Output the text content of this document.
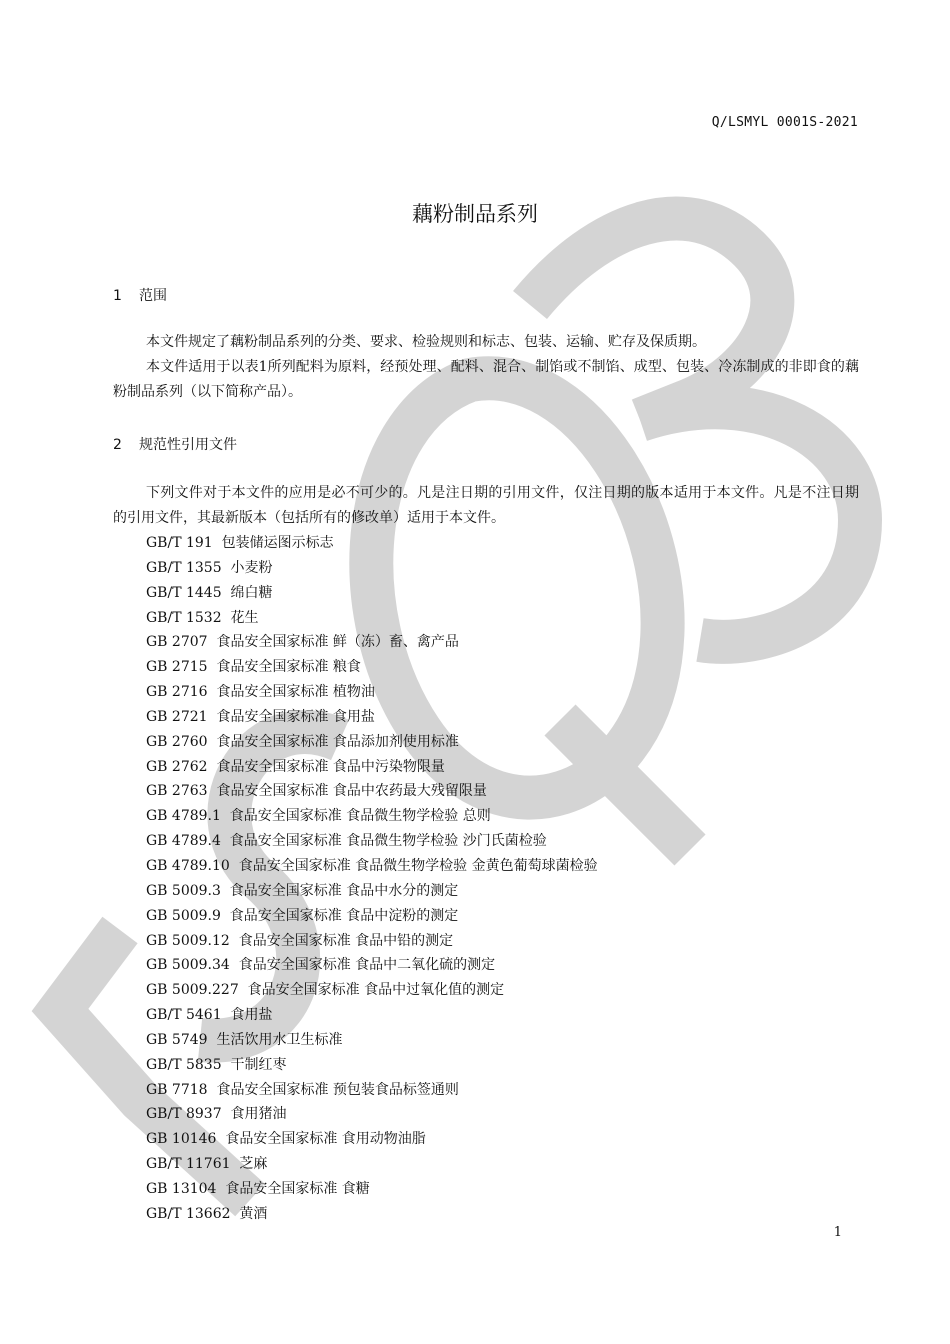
Q/LSMYL 0001S-2021
藕粉制品系列
1 范围

本文件规定了藕粉制品系列的分类、要求、检验规则和标志、包装、运输、贮存及保质期。

本文件适用于以表1所列配料为原料，经预处理、配料、混合、制馅或不制馅、成型、包装、冷冻制成的非即食的藕粉制品系列（以下简称产品）。

2 规范性引用文件

下列文件对于本文件的应用是必不可少的。凡是注日期的引用文件，仅注日期的版本适用于本文件。凡是不注日期的引用文件，其最新版本（包括所有的修改单）适用于本文件。

GB/T 191  包装储运图示标志
GB/T 1355  小麦粉
GB/T 1445  绵白糖
GB/T 1532  花生
GB 2707  食品安全国家标准 鲜（冻）畜、禽产品
GB 2715  食品安全国家标准 粮食
GB 2716  食品安全国家标准 植物油
GB 2721  食品安全国家标准 食用盐
GB 2760  食品安全国家标准 食品添加剂使用标准
GB 2762  食品安全国家标准 食品中污染物限量
GB 2763  食品安全国家标准 食品中农药最大残留限量
GB 4789.1  食品安全国家标准 食品微生物学检验 总则
GB 4789.4  食品安全国家标准 食品微生物学检验 沙门氏菌检验
GB 4789.10  食品安全国家标准 食品微生物学检验 金黄色葡萄球菌检验
GB 5009.3  食品安全国家标准 食品中水分的测定
GB 5009.9  食品安全国家标准 食品中淀粉的测定
GB 5009.12  食品安全国家标准 食品中铅的测定
GB 5009.34  食品安全国家标准 食品中二氧化硫的测定
GB 5009.227  食品安全国家标准 食品中过氧化值的测定
GB/T 5461  食用盐
GB 5749  生活饮用水卫生标准
GB/T 5835  干制红枣
GB 7718  食品安全国家标准 预包装食品标签通则
GB/T 8937  食用猪油
GB 10146  食品安全国家标准 食用动物油脂
GB/T 11761  芝麻
GB 13104  食品安全国家标准 食糖
GB/T 13662  黄酒
1
